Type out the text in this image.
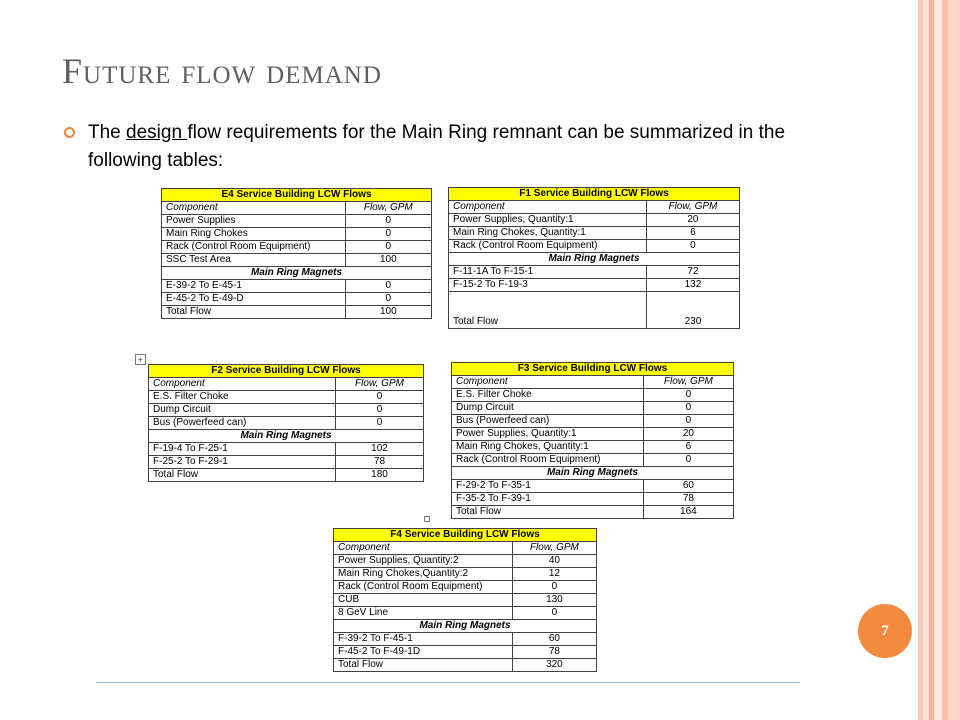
Future flow demand

The design flow requirements for the Main Ring remnant can be summarized in the following tables:

E4 Service Building LCW Flows	
Component	Flow, GPM
Power Supplies	0
Main Ring Chokes	0
Rack (Control Room Equipment)	0
SSC Test Area	100
Main Ring Magnets	
E-39-2 To E-45-1	0
E-45-2 To E-49-D	0
Total Flow	100
F1 Service Building LCW Flows	
Component	Flow, GPM
Power Supplies, Quantity:1	20
Main Ring Chokes, Quantity:1	6
Rack (Control Room Equipment)	0
Main Ring Magnets	
F-11-1A To F-15-1	72
F-15-2 To F-19-3	132
Total Flow	230
+
F2 Service Building LCW Flows	
Component	Flow, GPM
E.S. Filter Choke	0
Dump Circuit	0
Bus (Powerfeed can)	0
Main Ring Magnets	
F-19-4 To F-25-1	102
F-25-2 To F-29-1	78
Total Flow	180
F3 Service Building LCW Flows	
Component	Flow, GPM
E.S. Filter Choke	0
Dump Circuit	0
Bus (Powerfeed can)	0
Power Supplies, Quantity:1	20
Main Ring Chokes, Quantity:1	6
Rack (Control Room Equipment)	0
Main Ring Magnets	
F-29-2 To F-35-1	60
F-35-2 To F-39-1	78
Total Flow	164
F4 Service Building LCW Flows	
Component	Flow, GPM
Power Supplies, Quantity:2	40
Main Ring Chokes,Quantity:2	12
Rack (Control Room Equipment)	0
CUB	130
8 GeV Line	0
Main Ring Magnets	
F-39-2 To F-45-1	60
F-45-2 To F-49-1D	78
Total Flow	320
7
